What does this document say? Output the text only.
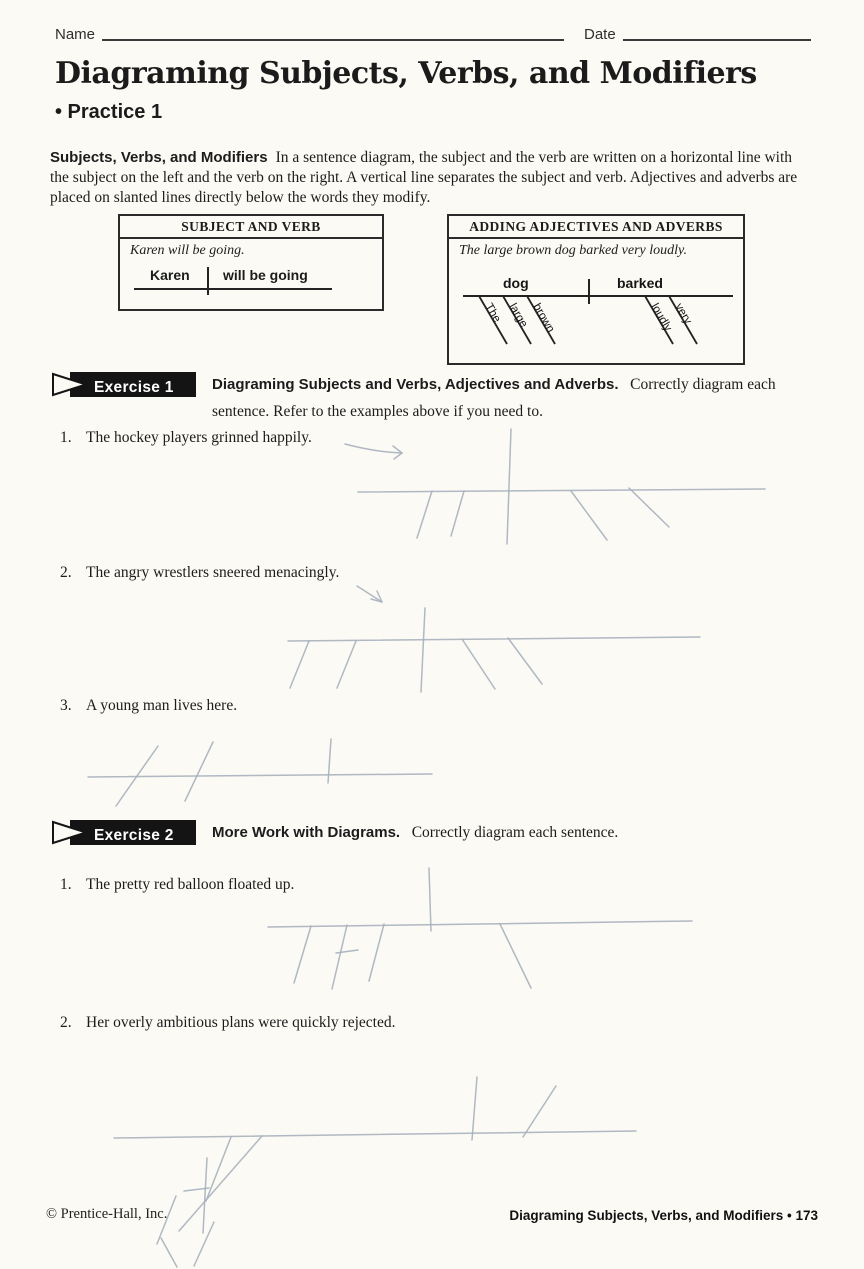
Name	Date
Diagraming Subjects, Verbs, and Modifiers
• Practice 1

Subjects, Verbs, and Modifiers In a sentence diagram, the subject and the verb are written on a horizontal line with the subject on the left and the verb on the right. A vertical line separates the subject and verb. Adjectives and adverbs are placed on slanted lines directly below the words they modify.

SUBJECT AND VERB
Karen will be going.
Karen will be going
ADDING ADJECTIVES AND ADVERBS
The large brown dog barked very loudly.
dog	barked
The large brown	loudly
very
Exercise 1	Diagraming Subjects and Verbs, Adjectives and Adverbs. Correctly diagram each sentence. Refer to the examples above if you need to.

1. The hockey players grinned happily.

2. The angry wrestlers sneered menacingly.

3. A young man lives here.

Exercise 2	More Work with Diagrams. Correctly diagram each sentence.

1. The pretty red balloon floated up.

2. Her overly ambitious plans were quickly rejected.

© Prentice-Hall, Inc.	Diagraming Subjects, Verbs, and Modifiers • 173
